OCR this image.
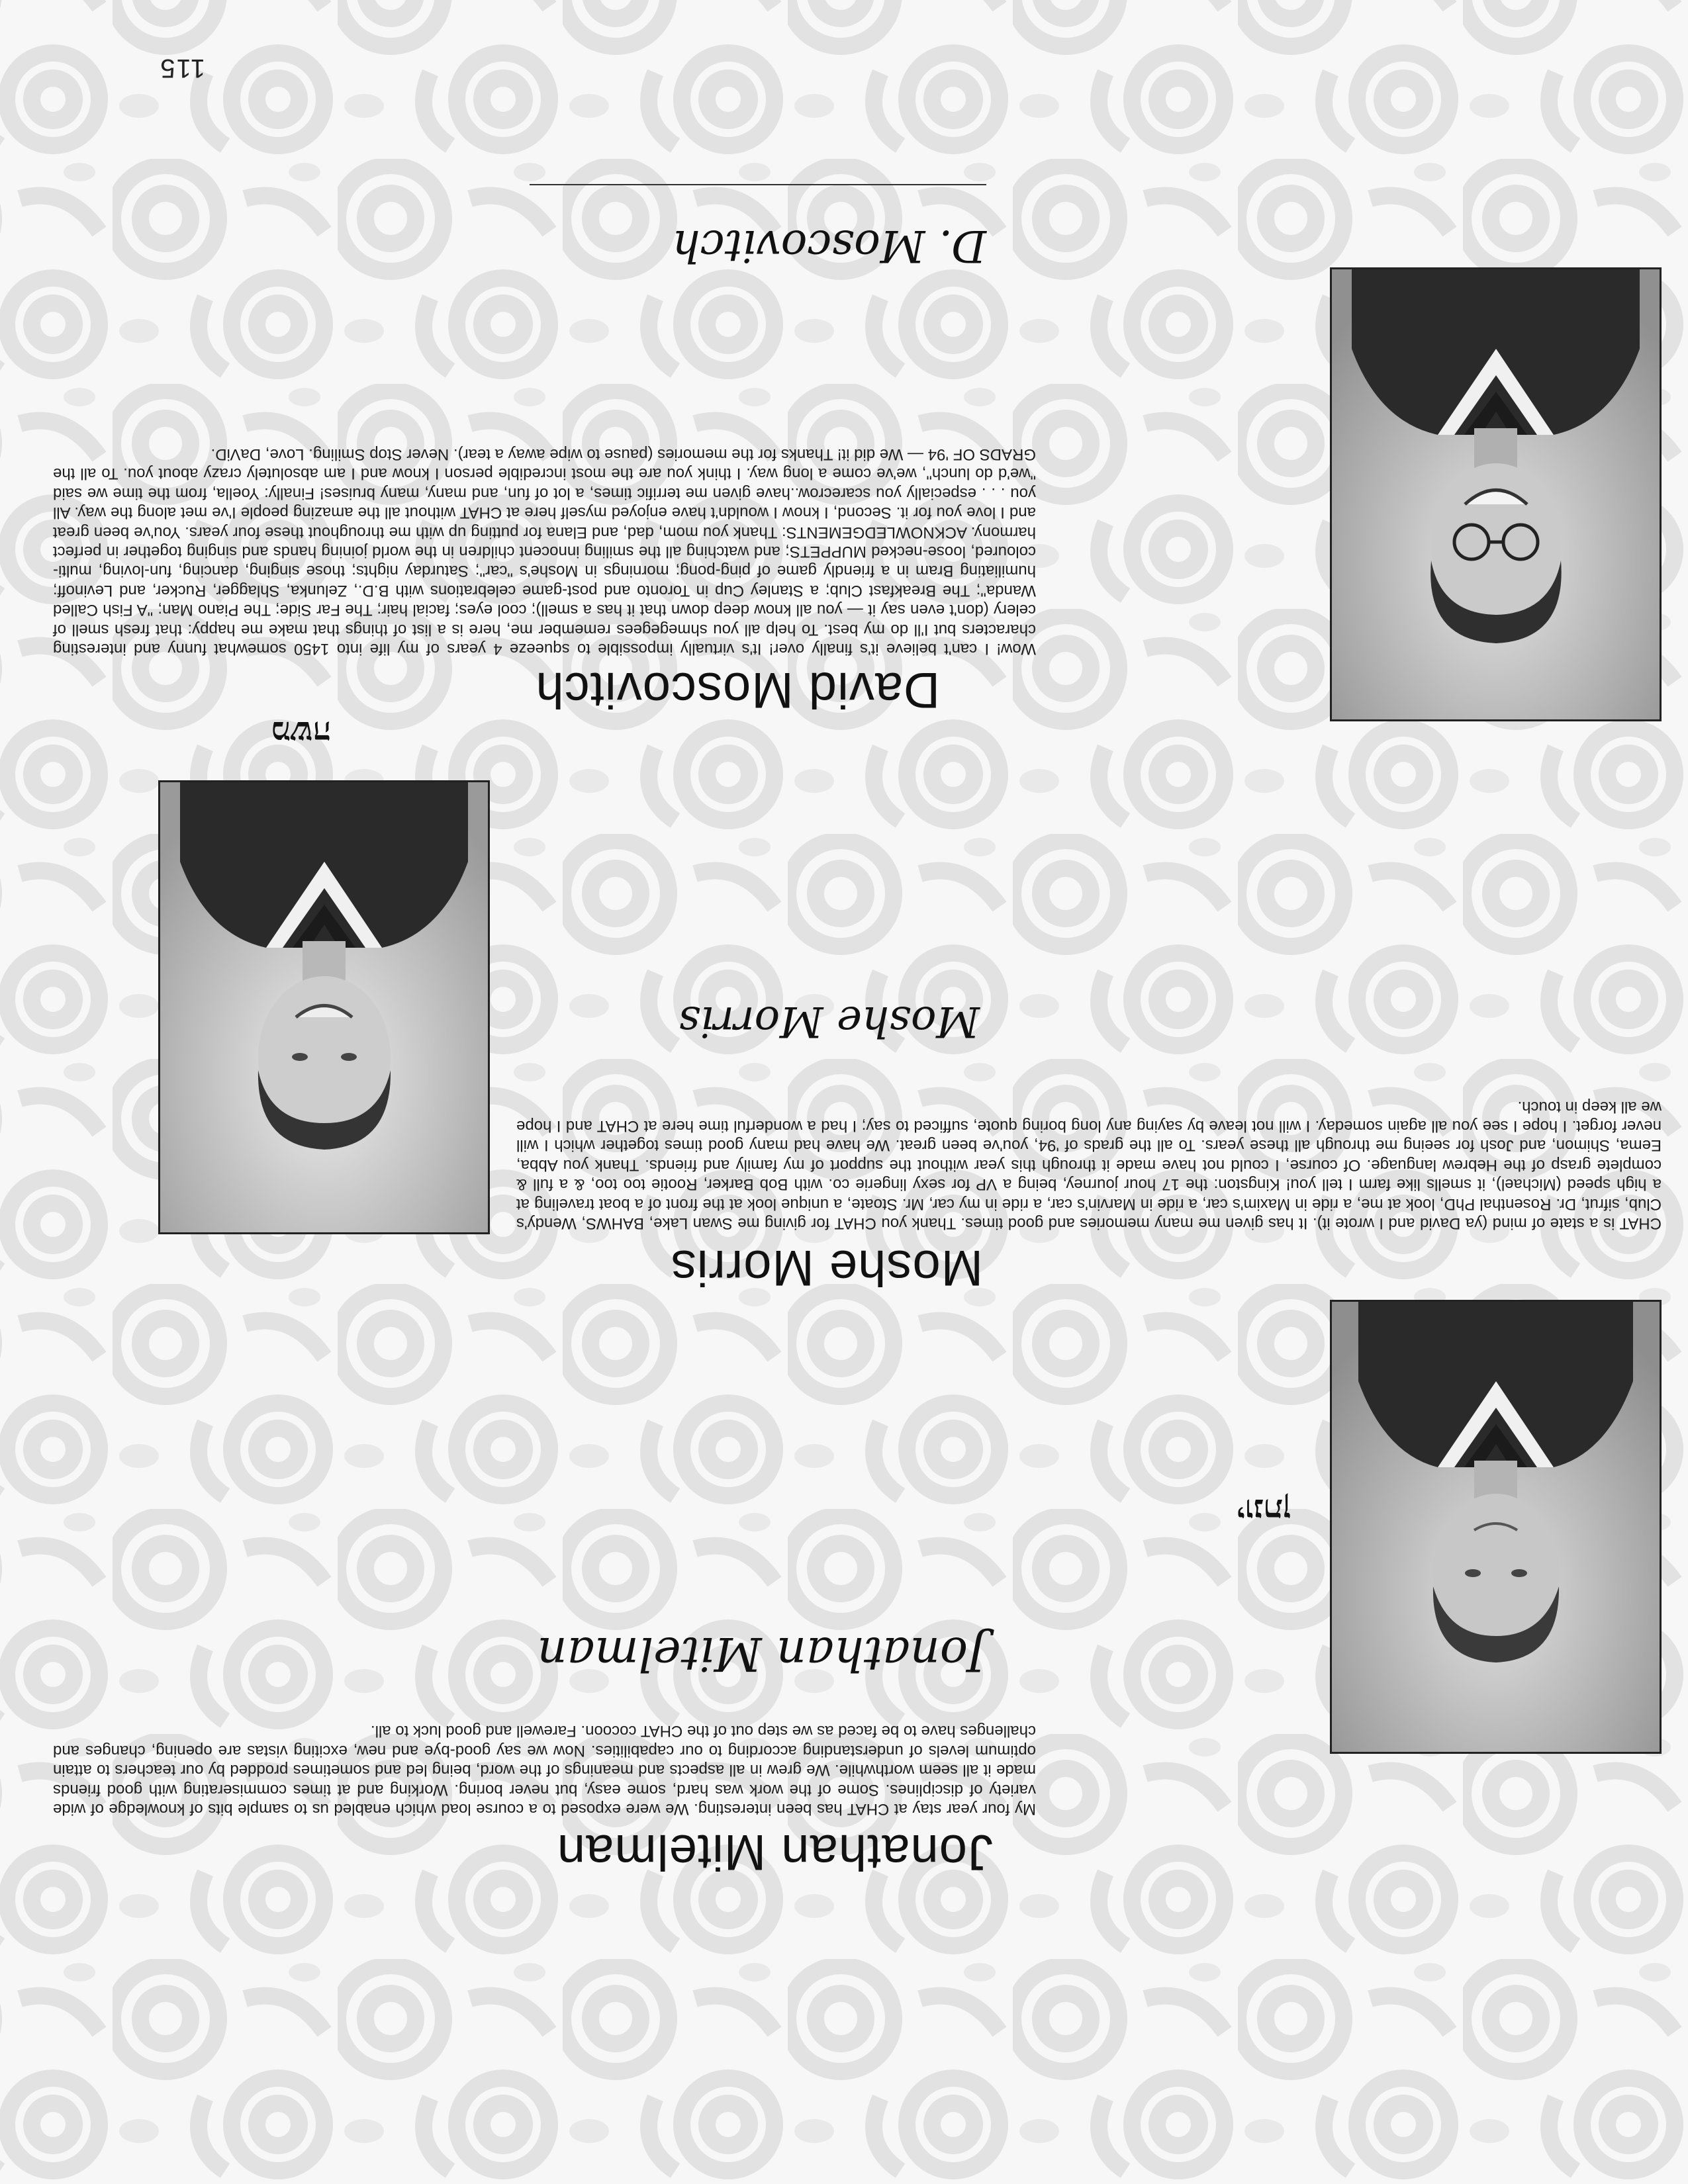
יונתן
Jonathan Mitelman

My four year stay at CHAT has been interesting. We were exposed to a course load which enabled us to sample bits of knowledge of wide variety of disciplines. Some of the work was hard, some easy, but never boring. Working and at times commiserating with good friends made it all seem worthwhile. We grew in all aspects and meanings of the word, being led and sometimes prodded by our teachers to attain optimum levels of understanding according to our capabilities. Now we say good-bye and new, exciting vistas are opening, changes and challenges have to be faced as we step out of the CHAT cocoon. Farewell and good luck to all.

Jonathan Mitelman
משה
Moshe Morris

CHAT is a state of mind (ya David and I wrote it). It has given me many memories and good times. Thank you CHAT for giving me Swan Lake, BAHWS, Wendy's Club, sifrut, Dr. Rosenthal PhD, look at me, a ride in Maxim's car, a ride in Marvin's car, a ride in my car, Mr. Stoate, a unique look at the front of a boat traveling at a high speed (Michael), it smells like farm I tell you! Kingston: the 17 hour journey, being a VP for sexy lingerie co. with Bob Barker, Rootie too too, & a full & complete grasp of the Hebrew language. Of course, I could not have made it through this year without the support of my family and friends. Thank you Abba, Eema, Shimon, and Josh for seeing me through all these years. To all the grads of '94, you've been great. We have had many good times together which I will never forget. I hope I see you all again someday. I will not leave by saying any long boring quote, sufficed to say; I had a wonderful time here at CHAT and I hope we all keep in touch.

Moshe Morris
David Moscovitch

Wow! I can't believe it's finally over! It's virtually impossible to squeeze 4 years of my life into 1450 somewhat funny and interesting characters but I'll do my best. To help all you shmegegees remember me, here is a list of things that make me happy: that fresh smell of celery (don't even say it — you all know deep down that it has a smell); cool eyes; facial hair; The Far Side; The Piano Man; "A Fish Called Wanda"; The Breakfast Club; a Stanley Cup in Toronto and post-game celebrations with B.D., Zelunka, Shlagger, Rucker, and Levinoff; humiliating Bram in a friendly game of ping-pong; mornings in Moshe's "car"; Saturday nights; those singing, dancing, fun-loving, multi-coloured, loose-necked MUPPETS; and watching all the smiling innocent children in the world joining hands and singing together in perfect harmony. ACKNOWLEDGEMENTS: Thank you mom, dad, and Elana for putting up with me throughout these four years. You've been great and I love you for it. Second, I know I wouldn't have enjoyed myself here at CHAT without all the amazing people I've met along the way. All you . . . especially you scarecrow..have given me terrific times, a lot of fun, and many, many bruises! Finally: Yoella, from the time we said "we'd do lunch", we've come a long way. I think you are the most incredible person I know and I am absolutely crazy about you. To all the GRADS OF '94 — We did it! Thanks for the memories (pause to wipe away a tear). Never Stop Smiling. Love, DaViD.

D. Moscovitch
115
